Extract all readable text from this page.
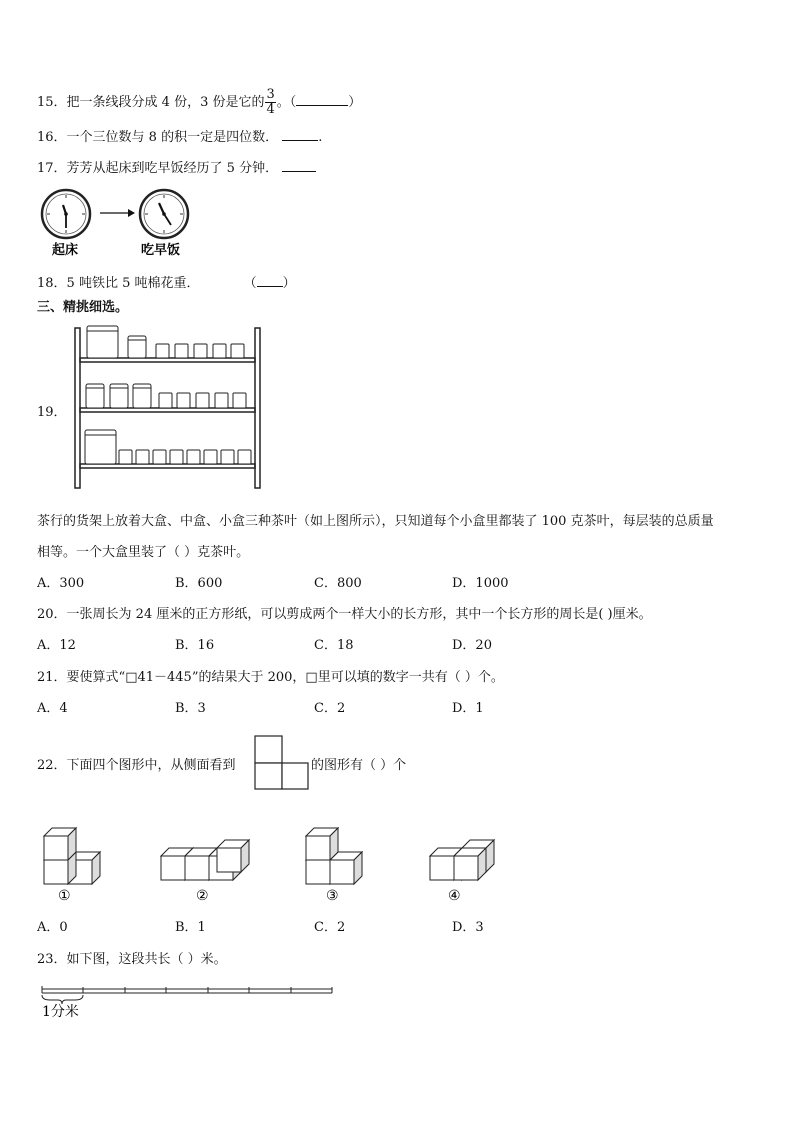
15．把一条线段分成 4 份，3 份是它的 $\frac{3}{4}$ 。（	）
16．一个三位数与 8 的积一定是四位数．	.
17．芳芳从起床到吃早饭经历了 5 分钟．
起床	吃早饭
18．5 吨铁比 5 吨棉花重．	（ ）
三、精挑细选。
19．
茶行的货架上放着大盒、中盒、小盒三种茶叶（如上图所示），只知道每个小盒里都装了 100 克茶叶，每层装的总质量
相等。一个大盒里装了（ ）克茶叶。
A．300	B．600	C．800	D．1000
20．一张周长为 24 厘米的正方形纸，可以剪成两个一样大小的长方形，其中一个长方形的周长是( )厘米。
A．12	B．16	C．18	D．20
21．要使算式“□41－445”的结果大于 200，□里可以填的数字一共有（ ）个。
A．4	B．3	C．2	D．1
22．下面四个图形中，从侧面看到	的图形有（ ）个
①	②	③	④
A．0	B．1	C．2	D．3
23．如下图，这段共长（ ）米。
1分米
